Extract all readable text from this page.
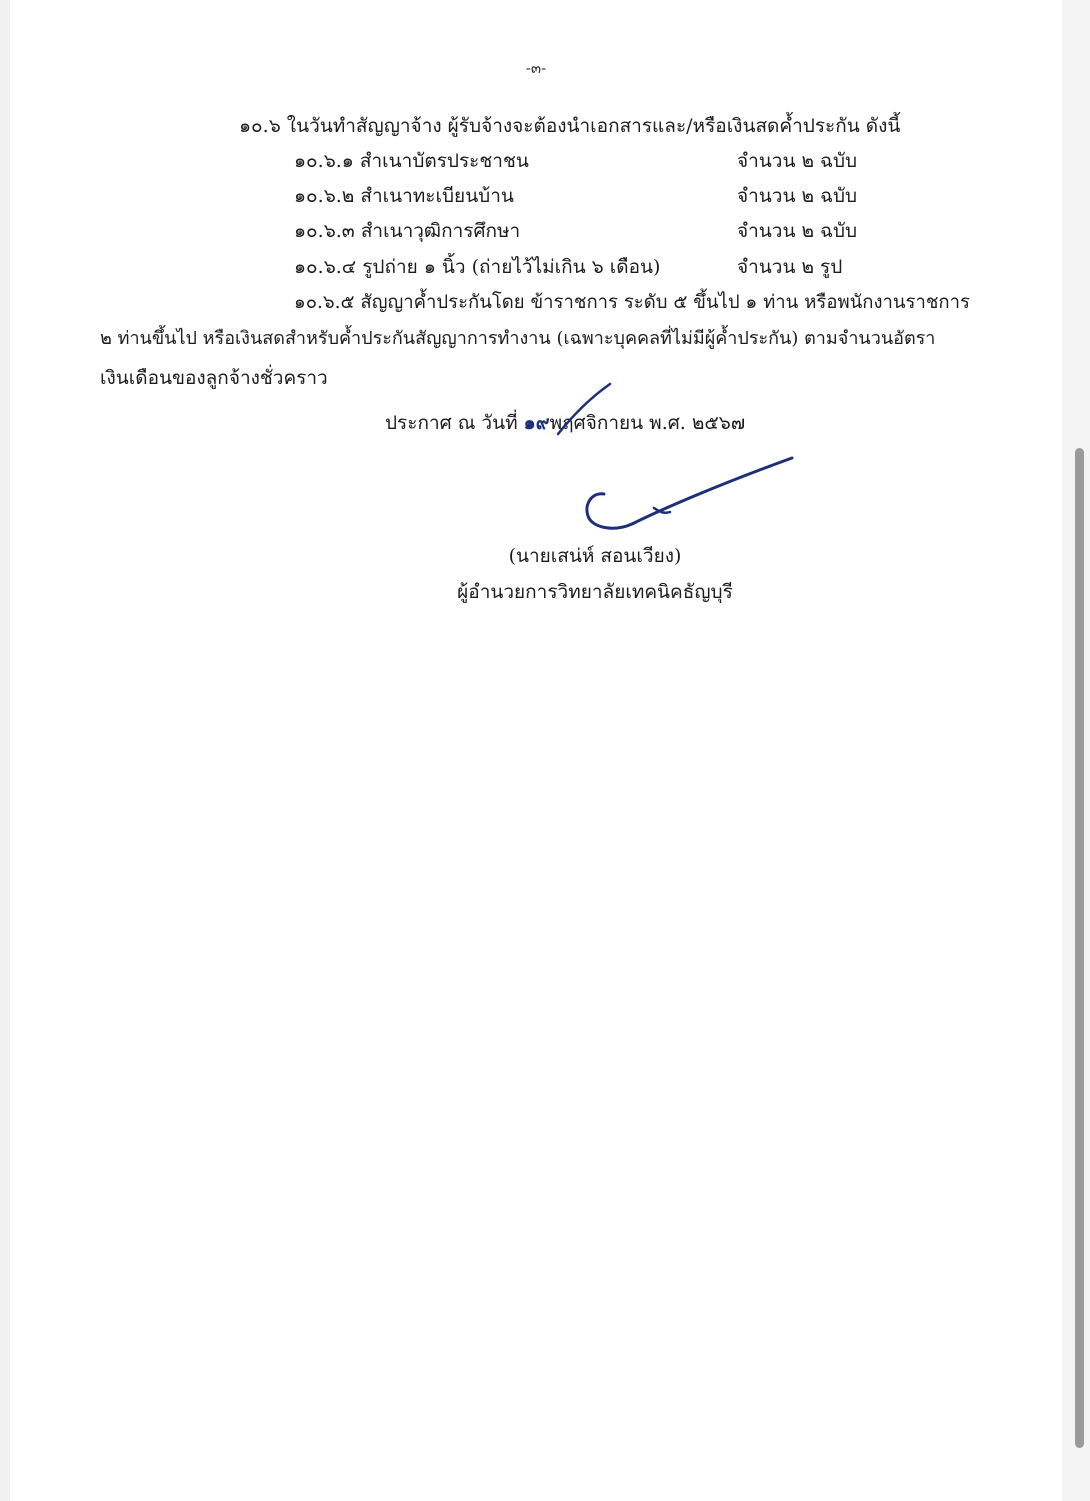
-๓-
๑๐.๖ ในวันทำสัญญาจ้าง ผู้รับจ้างจะต้องนำเอกสารและ/หรือเงินสดค้ำประกัน ดังนี้
๑๐.๖.๑ สำเนาบัตรประชาชน	จำนวน ๒ ฉบับ
๑๐.๖.๒ สำเนาทะเบียนบ้าน	จำนวน ๒ ฉบับ
๑๐.๖.๓ สำเนาวุฒิการศึกษา	จำนวน ๒ ฉบับ
๑๐.๖.๔ รูปถ่าย ๑ นิ้ว (ถ่ายไว้ไม่เกิน ๖ เดือน)	จำนวน ๒ รูป
๑๐.๖.๕ สัญญาค้ำประกันโดย ข้าราชการ ระดับ ๕ ขึ้นไป ๑ ท่าน หรือพนักงานราชการ
๒ ท่านขึ้นไป หรือเงินสดสำหรับค้ำประกันสัญญาการทำงาน (เฉพาะบุคคลที่ไม่มีผู้ค้ำประกัน) ตามจำนวนอัตรา
เงินเดือนของลูกจ้างชั่วคราว
ประกาศ ณ วันที่ ๑๙พฤศจิกายน พ.ศ. ๒๕๖๗
(นายเสน่ห์ สอนเวียง)
ผู้อำนวยการวิทยาลัยเทคนิคธัญบุรี
